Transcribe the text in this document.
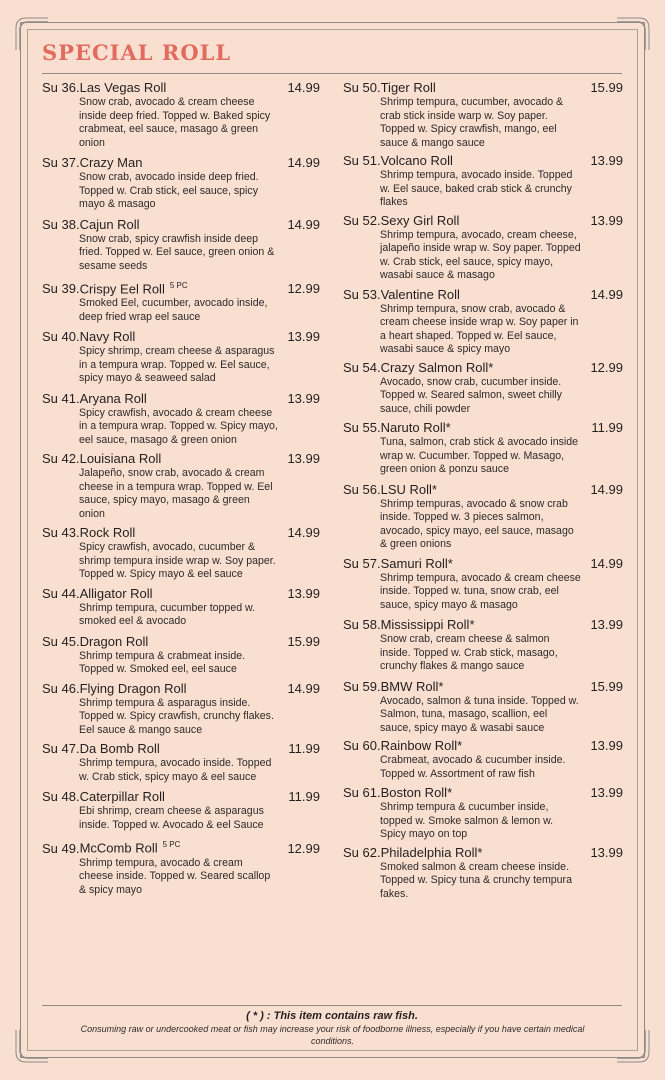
SPECIAL ROLL
Su 36. Las Vegas Roll	14.99
Snow crab, avocado & cream cheese inside deep fried. Topped w. Baked spicy crabmeat, eel sauce, masago & green onion
Su 37. Crazy Man	14.99
Snow crab, avocado inside deep fried. Topped w. Crab stick, eel sauce, spicy mayo & masago
Su 38. Cajun Roll	14.99
Snow crab, spicy crawfish inside deep fried. Topped w. Eel sauce, green onion & sesame seeds
Su 39. Crispy Eel Roll $^{5 PC}$	12.99
Smoked Eel, cucumber, avocado inside, deep fried wrap eel sauce
Su 40. Navy Roll	13.99
Spicy shrimp, cream cheese & asparagus in a tempura wrap. Topped w. Eel sauce, spicy mayo & seaweed salad
Su 41. Aryana Roll	13.99
Spicy crawfish, avocado & cream cheese in a tempura wrap. Topped w. Spicy mayo, eel sauce, masago & green onion
Su 42. Louisiana Roll	13.99
Jalapeño, snow crab, avocado & cream cheese in a tempura wrap. Topped w. Eel sauce, spicy mayo, masago & green onion
Su 43. Rock Roll	14.99
Spicy crawfish, avocado, cucumber & shrimp tempura inside wrap w. Soy paper. Topped w. Spicy mayo & eel sauce
Su 44. Alligator Roll	13.99
Shrimp tempura, cucumber topped w. smoked eel & avocado
Su 45. Dragon Roll	15.99
Shrimp tempura & crabmeat inside. Topped w. Smoked eel, eel sauce
Su 46. Flying Dragon Roll	14.99
Shrimp tempura & asparagus inside. Topped w. Spicy crawfish, crunchy flakes. Eel sauce & mango sauce
Su 47. Da Bomb Roll	11.99
Shrimp tempura, avocado inside. Topped w. Crab stick, spicy mayo & eel sauce
Su 48. Caterpillar Roll	11.99
Ebi shrimp, cream cheese & asparagus inside. Topped w. Avocado & eel Sauce
Su 49. McComb Roll $^{5 PC}$	12.99
Shrimp tempura, avocado & cream cheese inside. Topped w. Seared scallop & spicy mayo
Su 50. Tiger Roll	15.99
Shrimp tempura, cucumber, avocado & crab stick inside warp w. Soy paper. Topped w. Spicy crawfish, mango, eel sauce & mango sauce
Su 51. Volcano Roll	13.99
Shrimp tempura, avocado inside. Topped w. Eel sauce, baked crab stick & crunchy flakes
Su 52. Sexy Girl Roll	13.99
Shrimp tempura, avocado, cream cheese, jalapeño inside wrap w. Soy paper. Topped w. Crab stick, eel sauce, spicy mayo, wasabi sauce & masago
Su 53. Valentine Roll	14.99
Shrimp tempura, snow crab, avocado & cream cheese inside wrap w. Soy paper in a heart shaped. Topped w. Eel sauce, wasabi sauce & spicy mayo
Su 54. Crazy Salmon Roll*	12.99
Avocado, snow crab, cucumber inside. Topped w. Seared salmon, sweet chilly sauce, chili powder
Su 55. Naruto Roll*	11.99
Tuna, salmon, crab stick & avocado inside wrap w. Cucumber. Topped w. Masago, green onion & ponzu sauce
Su 56. LSU Roll*	14.99
Shrimp tempuras, avocado & snow crab inside. Topped w. 3 pieces salmon, avocado, spicy mayo, eel sauce, masago & green onions
Su 57. Samuri Roll*	14.99
Shrimp tempura, avocado & cream cheese inside. Topped w. tuna, snow crab, eel sauce, spicy mayo & masago
Su 58. Mississippi Roll*	13.99
Snow crab, cream cheese & salmon inside. Topped w. Crab stick, masago, crunchy flakes & mango sauce
Su 59. BMW Roll*	15.99
Avocado, salmon & tuna inside. Topped w. Salmon, tuna, masago, scallion, eel sauce, spicy mayo & wasabi sauce
Su 60. Rainbow Roll*	13.99
Crabmeat, avocado & cucumber inside. Topped w. Assortment of raw fish
Su 61. Boston Roll*	13.99
Shrimp tempura & cucumber inside, topped w. Smoke salmon & lemon w. Spicy mayo on top
Su 62. Philadelphia Roll*	13.99
Smoked salmon & cream cheese inside. Topped w. Spicy tuna & crunchy tempura fakes.
( * ) : This item contains raw fish.
Consuming raw or undercooked meat or fish may increase your risk of foodborne illness, especially if you have certain medical conditions.
